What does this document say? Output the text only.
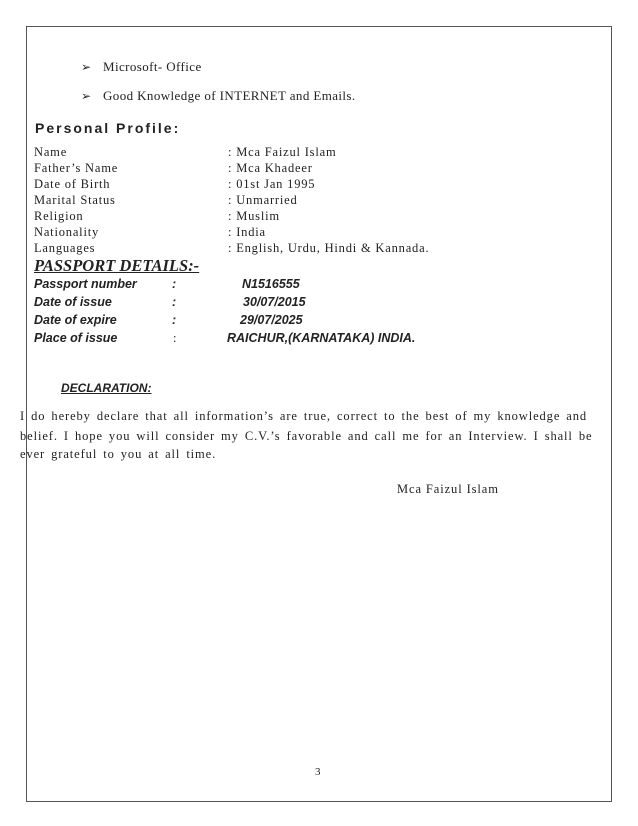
➢ Microsoft- Office
➢ Good Knowledge of INTERNET and Emails.
Personal Profile:
Name	: Mca Faizul Islam
Father’s Name	: Mca Khadeer
Date of Birth	: 01st Jan 1995
Marital Status	: Unmarried
Religion	: Muslim
Nationality	: India
Languages	: English, Urdu, Hindi & Kannada.
PASSPORT DETAILS:-
Passport number	:	N1516555
Date of issue	:	30/07/2015
Date of expire	:	29/07/2025
Place of issue	:	RAICHUR,(KARNATAKA) INDIA.
DECLARATION:
I do hereby declare that all information’s are true, correct to the best of my knowledge and
belief. I hope you will consider my C.V.’s favorable and call me for an Interview. I shall be
ever grateful to you at all time.
Mca Faizul Islam
3
